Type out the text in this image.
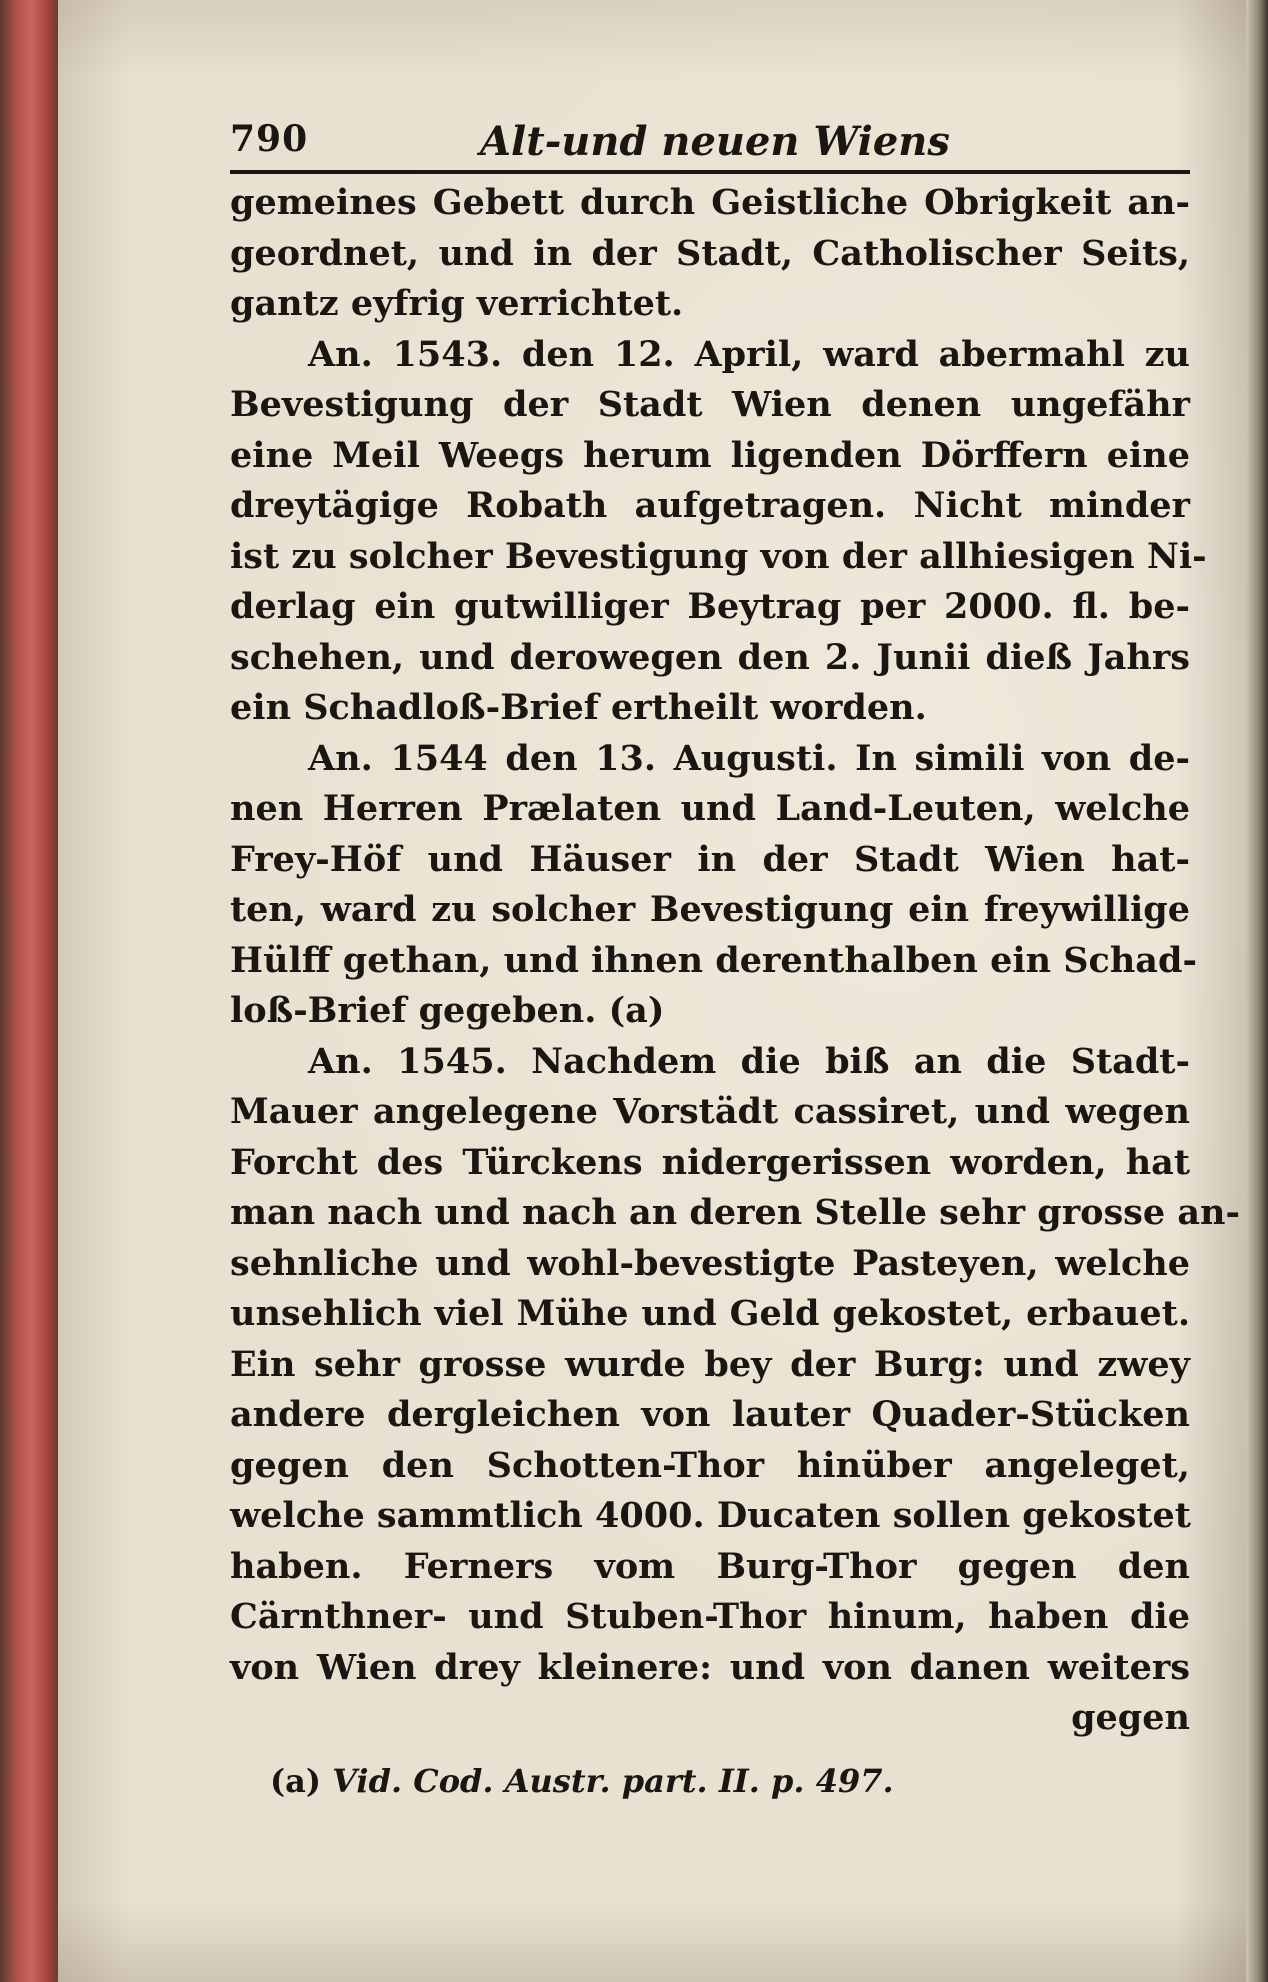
790	Alt-und neuen Wiens
gemeines Gebett durch Geistliche Obrigkeit an-
geordnet, und in der Stadt, Catholischer Seits,
gantz eyfrig verrichtet.
An. 1543. den 12. April, ward abermahl zu
Bevestigung der Stadt Wien denen ungefähr
eine Meil Weegs herum ligenden Dörffern eine
dreytägige Robath aufgetragen. Nicht minder
ist zu solcher Bevestigung von der allhiesigen Ni-
derlag ein gutwilliger Beytrag per 2000. fl. be-
schehen, und derowegen den 2. Junii dieß Jahrs
ein Schadloß-Brief ertheilt worden.
An. 1544 den 13. Augusti. In simili von de-
nen Herren Prælaten und Land-Leuten, welche
Frey-Höf und Häuser in der Stadt Wien hat-
ten, ward zu solcher Bevestigung ein freywillige
Hülff gethan, und ihnen derenthalben ein Schad-
loß-Brief gegeben. (a)
An. 1545. Nachdem die biß an die Stadt-
Mauer angelegene Vorstädt cassiret, und wegen
Forcht des Türckens nidergerissen worden, hat
man nach und nach an deren Stelle sehr grosse an-
sehnliche und wohl-bevestigte Pasteyen, welche
unsehlich viel Mühe und Geld gekostet, erbauet.
Ein sehr grosse wurde bey der Burg: und zwey
andere dergleichen von lauter Quader-Stücken
gegen den Schotten-Thor hinüber angeleget,
welche sammtlich 4000. Ducaten sollen gekostet
haben. Ferners vom Burg-Thor gegen den
Cärnthner- und Stuben-Thor hinum, haben die
von Wien drey kleinere: und von danen weiters
gegen
(a) Vid. Cod. Austr. part. II. p. 497.
